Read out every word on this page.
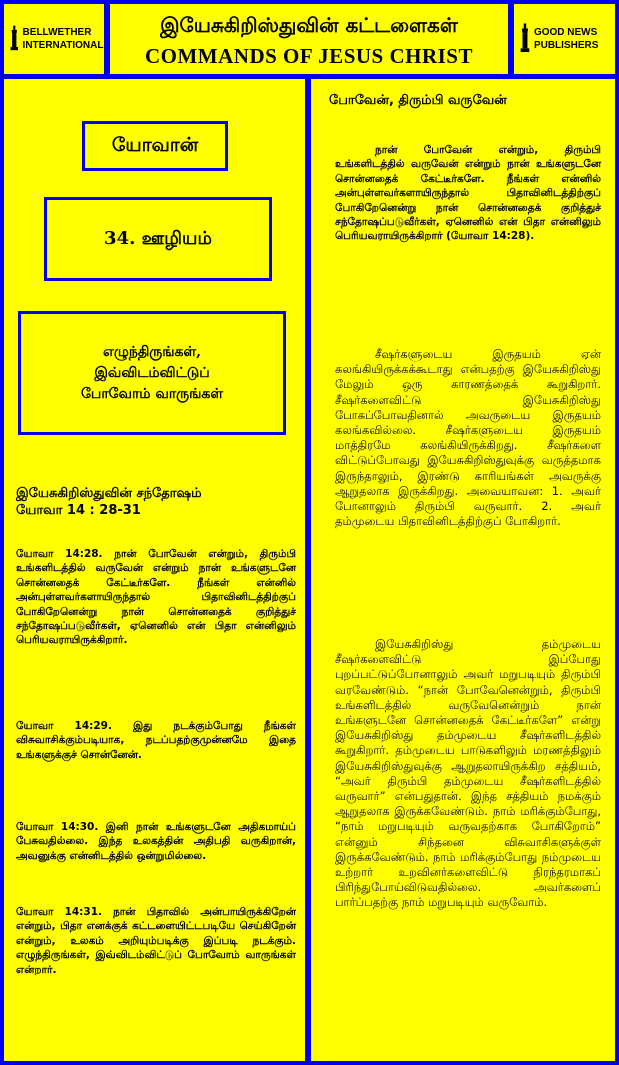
BELLWETHER INTERNATIONAL
இயேசுகிறிஸ்துவின் கட்டளைகள்
COMMANDS OF JESUS CHRIST
GOOD NEWS PUBLISHERS
யோவான்
34. ஊழியம்
எழுந்திருங்கள்,
இவ்விடம்விட்டுப்
போவோம் வாருங்கள்
இயேசுகிறிஸ்துவின் சந்தோஷம்
யோவா 14 : 28-31
யோவா 14:28. நான் போவேன் என்றும், திரும்பி உங்களிடத்தில் வருவேன் என்றும் நான் உங்களுடனே சொன்னதைக் கேட்டீர்களே. நீங்கள் என்னில் அன்புள்ளவர்களாயிருந்தால் பிதாவினிடத்திற்குப் போகிறேனென்று நான் சொன்னதைக் குறித்துச் சந்தோஷப்படுவீர்கள், ஏனெனில் என் பிதா என்னிலும் பெரியவராயிருக்கிறார்.
யோவா 14:29. இது நடக்கும்போது நீங்கள் விசுவாசிக்கும்படியாக, நடப்பதற்குமுன்னமே இதை உங்களுக்குச் சொன்னேன்.
யோவா 14:30. இனி நான் உங்களுடனே அதிகமாய்ப் பேசுவதில்லை. இந்த உலகத்தின் அதிபதி வருகிறான், அவனுக்கு என்னிடத்தில் ஒன்றுமில்லை.
யோவா 14:31. நான் பிதாவில் அன்பாயிருக்கிறேன் என்றும், பிதா எனக்குக் கட்டளையிட்டபடியே செய்கிறேன் என்றும், உலகம் அறியும்படிக்கு இப்படி நடக்கும். எழுந்திருங்கள், இவ்விடம்விட்டுப் போவோம் வாருங்கள் என்றார்.
போவேன், திரும்பி வருவேன்
நான் போவேன் என்றும், திரும்பி உங்களிடத்தில் வருவேன் என்றும் நான் உங்களுடனே சொன்னதைக் கேட்டீர்களே. நீங்கள் என்னில் அன்புள்ளவர்களாயிருந்தால் பிதாவினிடத்திற்குப் போகிறேனென்று நான் சொன்னதைக் குறித்துச் சந்தோஷப்படுவீர்கள், ஏனெனில் என் பிதா என்னிலும் பெரியவராயிருக்கிறார் (யோவா 14:28).
சீஷர்களுடைய இருதயம் ஏன் கலங்கியிருக்கக்கூடாது என்பதற்கு இயேசுகிறிஸ்து மேலும் ஒரு காரணத்தைக் கூறுகிறார். சீஷர்களைவிட்டு இயேசுகிறிஸ்து போகப்போவதினால் அவருடைய இருதயம் கலங்கவில்லை. சீஷர்களுடைய இருதயம் மாத்திரமே கலங்கியிருக்கிறது. சீஷர்களை விட்டுப்போவது இயேசுகிறிஸ்துவுக்கு வருத்தமாக இருந்தாலும், இரண்டு காரியங்கள் அவருக்கு ஆறுதலாக இருக்கிறது. அவையாவன: 1. அவர் போனாலும் திரும்பி வருவார். 2. அவர் தம்முடைய பிதாவினிடத்திற்குப் போகிறார்.
இயேசுகிறிஸ்து தம்முடைய சீஷர்களைவிட்டு இப்போது புறப்பட்டுப்போனாலும் அவர் மறுபடியும் திரும்பி வரவேண்டும். “நான் போவேனென்றும், திரும்பி உங்களிடத்தில் வருவேனென்றும் நான் உங்களுடனே சொன்னதைக் கேட்டீர்களே” என்று இயேசுகிறிஸ்து தம்முடைய சீஷர்களிடத்தில் கூறுகிறார். தம்முடைய பாடுகளிலும் மரணத்திலும் இயேசுகிறிஸ்துவுக்கு ஆறுதலாயிருக்கிற சத்தியம், “அவர் திரும்பி தம்முடைய சீஷர்களிடத்தில் வருவார்” என்பதுதான். இந்த சத்தியம் நமக்கும் ஆறுதலாக இருக்கவேண்டும். நாம் மரிக்கும்போது, “நாம் மறுபடியும் வருவதற்காக போகிறோம்” என்னும் சிந்தனை விசுவாசிகளுக்குள் இருக்கவேண்டும். நாம் மரிக்கும்போது நம்முடைய உற்றார் உறவினர்களைவிட்டு நிரந்தரமாகப் பிரிந்துபோய்விடுவதில்லை. அவர்களைப் பார்ப்பதற்கு நாம் மறுபடியும் வருவோம்.
